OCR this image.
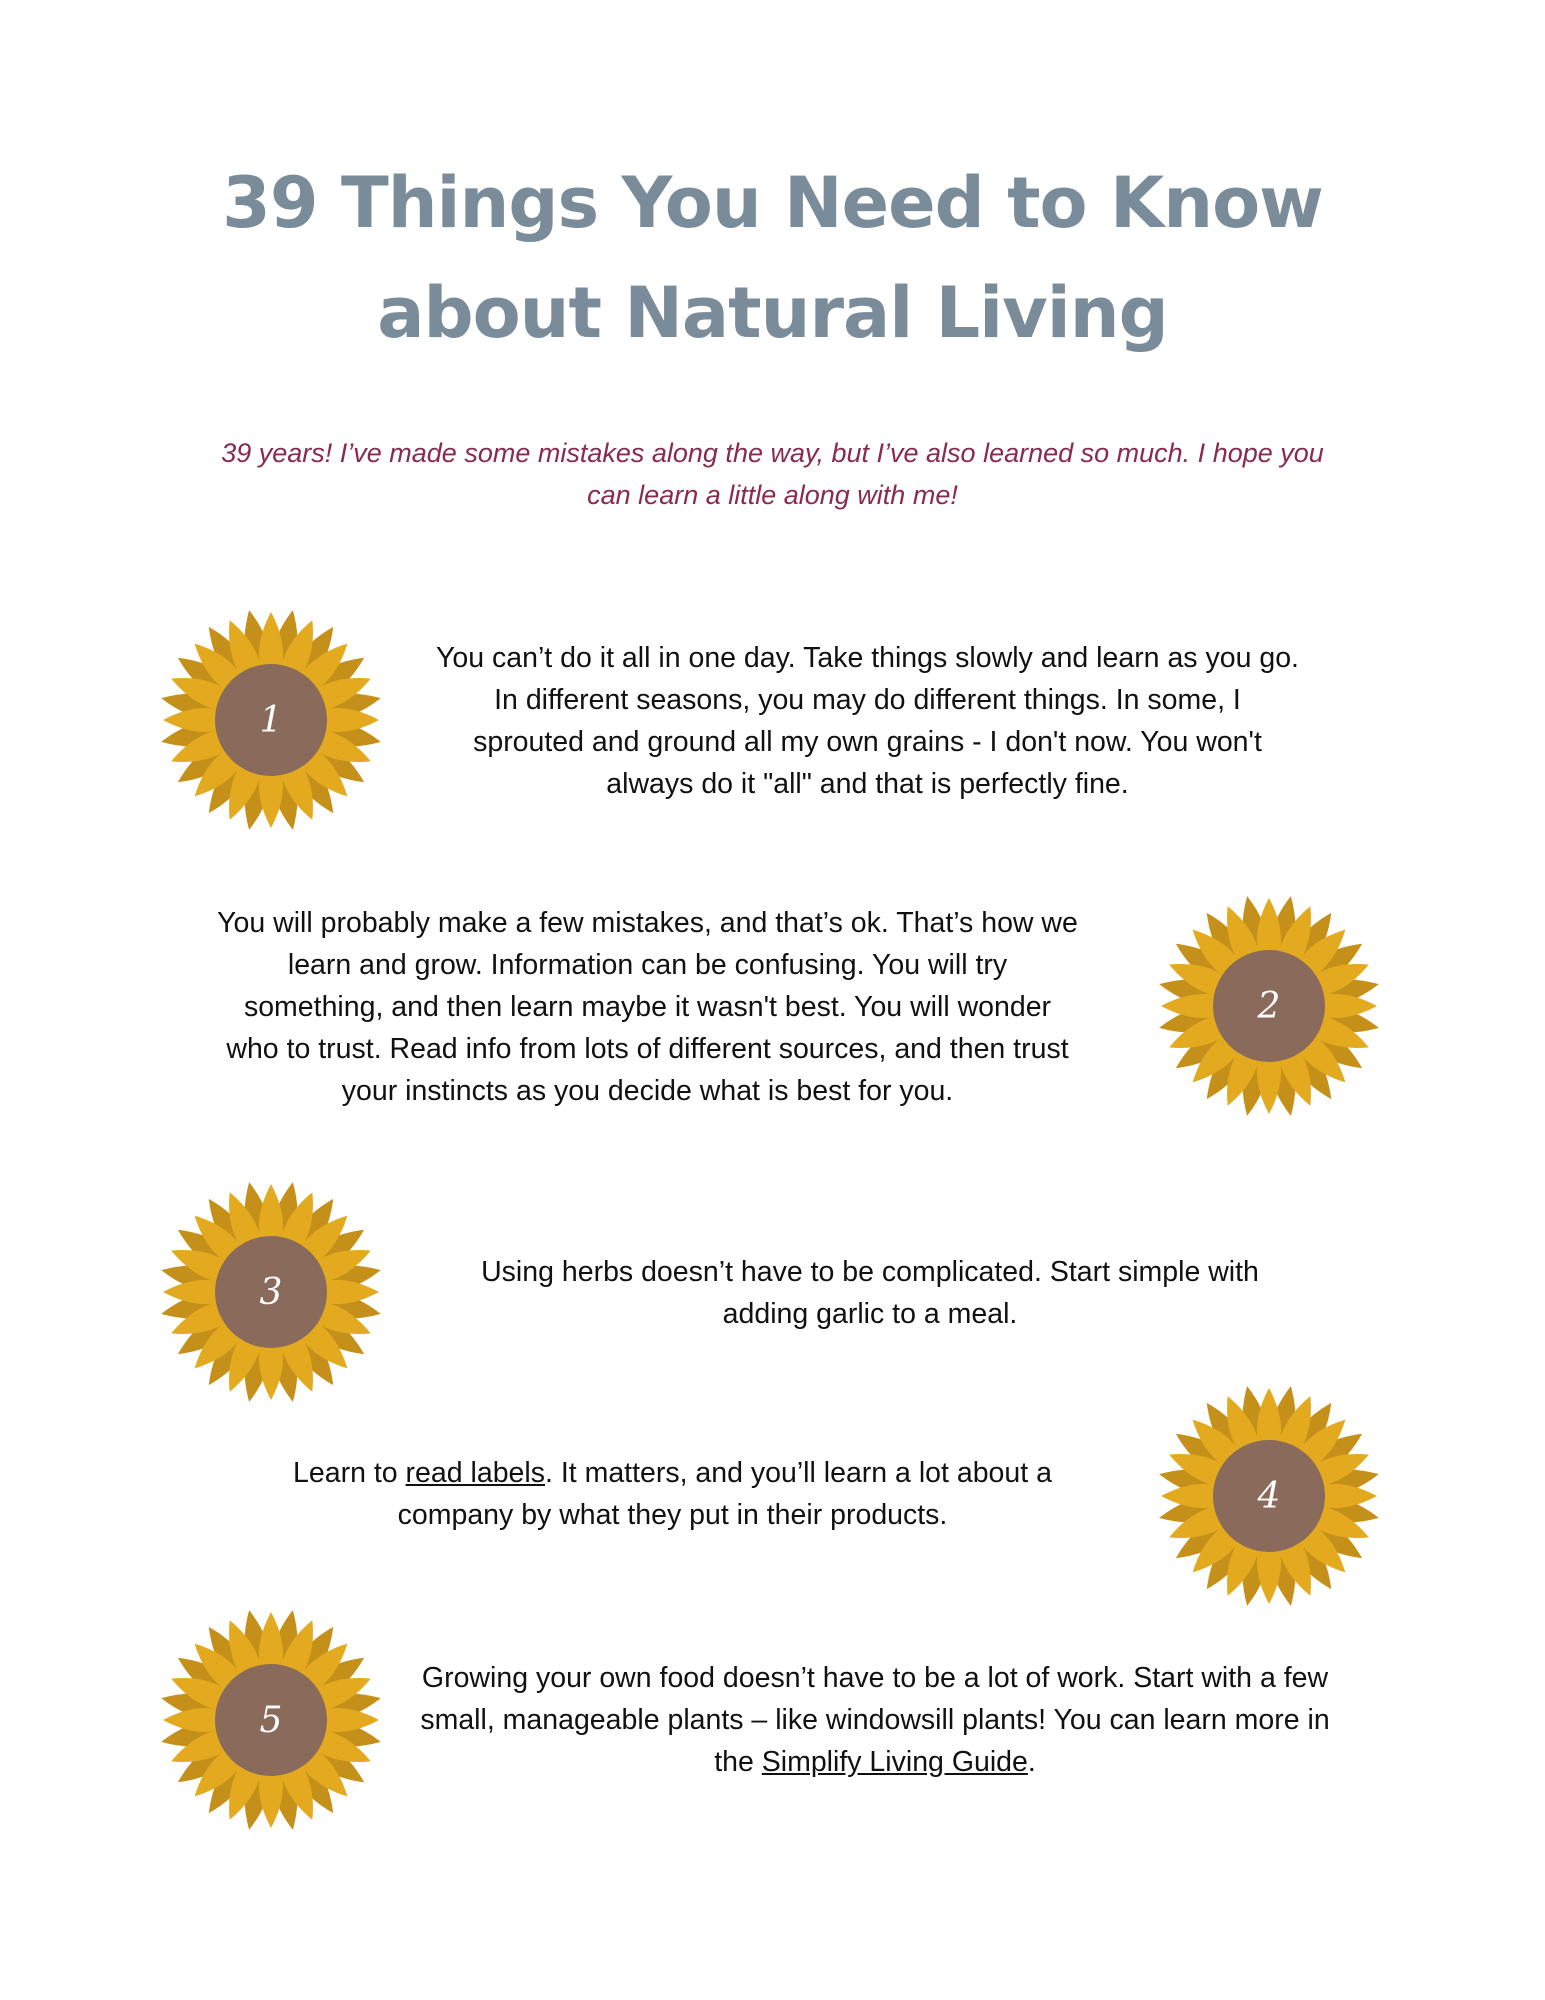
39 Things You Need to Know
about Natural Living
39 years! I’ve made some mistakes along the way, but I’ve also learned so much. I hope you
can learn a little along with me!
1
You can’t do it all in one day. Take things slowly and learn as you go.
In different seasons, you may do different things. In some, I
sprouted and ground all my own grains - I don't now. You won't
always do it "all" and that is perfectly fine.
2
You will probably make a few mistakes, and that’s ok. That’s how we
learn and grow. Information can be confusing. You will try
something, and then learn maybe it wasn't best. You will wonder
who to trust. Read info from lots of different sources, and then trust
your instincts as you decide what is best for you.
3	Using herbs doesn’t have to be complicated. Start simple with
adding garlic to a meal.
4
Learn to read labels. It matters, and you’ll learn a lot about a
company by what they put in their products.
5
Growing your own food doesn’t have to be a lot of work. Start with a few
small, manageable plants – like windowsill plants! You can learn more in
the Simplify Living Guide.
